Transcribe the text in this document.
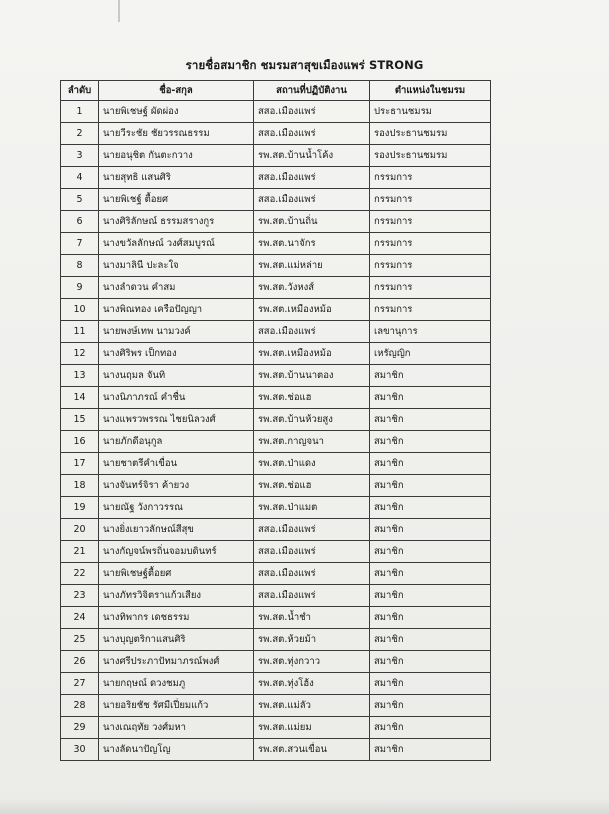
รายชื่อสมาชิก ชมรมสาสุขเมืองแพร่ STRONG
ลำดับ	ชื่อ-สกุล	สถานที่ปฏิบัติงาน	ตำแหน่งในชมรม
1	นายพิเชษฐ์ ผัดผ่อง	สสอ.เมืองแพร่	ประธานชมรม
2	นายวีระชัย ชัยวรรณธรรม	สสอ.เมืองแพร่	รองประธานชมรม
3	นายอนุชิต กันตะกวาง	รพ.สต.บ้านน้ำโค้ง	รองประธานชมรม
4	นายสุทธิ แสนศิริ	สสอ.เมืองแพร่	กรรมการ
5	นายพิเชฐ์ ตื้อยศ	สสอ.เมืองแพร่	กรรมการ
6	นางศิริลักษณ์ ธรรมสรางกูร	รพ.สต.บ้านถิ่น	กรรมการ
7	นางขวัลลักษณ์ วงศ์สมบูรณ์	รพ.สต.นาจักร	กรรมการ
8	นางมาลินี ปะละใจ	รพ.สต.แม่หล่าย	กรรมการ
9	นางลำดวน คำสม	รพ.สต.วังหงส์	กรรมการ
10	นางพิณทอง เครือปัญญา	รพ.สต.เหมืองหม้อ	กรรมการ
11	นายพงษ์เทพ นามวงค์	สสอ.เมืองแพร่	เลขานุการ
12	นางศิริพร เป็กทอง	รพ.สต.เหมืองหม้อ	เหรัญญิก
13	นางนฤมล จันทิ	รพ.สต.บ้านนาตอง	สมาชิก
14	นางนิภาภรณ์ คำชื่น	รพ.สต.ช่อแฮ	สมาชิก
15	นางแพรวพรรณ ไชยนิลวงศ์	รพ.สต.บ้านห้วยสูง	สมาชิก
16	นายภักดีอนุกูล	รพ.สต.กาญจนา	สมาชิก
17	นายชาตรีคำเขื่อน	รพ.สต.ป่าแดง	สมาชิก
18	นางจันทร์จิรา ค้ายวง	รพ.สต.ช่อแฮ	สมาชิก
19	นายณัฐ วังกาวรรณ	รพ.สต.ป่าแมต	สมาชิก
20	นางยิ่งเยาวลักษณ์สีสุข	สสอ.เมืองแพร่	สมาชิก
21	นางกัญจน์พรถิ่นจอมบดินทร์	สสอ.เมืองแพร่	สมาชิก
22	นายพิเชษฐ์ตื้อยศ	สสอ.เมืองแพร่	สมาชิก
23	นางภัทรวิจิตราแก้วเสียง	สสอ.เมืองแพร่	สมาชิก
24	นางทิพากร เดชธรรม	รพ.สต.น้ำชำ	สมาชิก
25	นางบุญตริกาแสนศิริ	รพ.สต.ห้วยม้า	สมาชิก
26	นางศรีประภาปัทมาภรณ์พงศ์	รพ.สต.ทุ่งกวาว	สมาชิก
27	นายกฤษณ์ ดวงชมภู	รพ.สต.ทุ่งโฮ้ง	สมาชิก
28	นายอริยชัช รัศมีเปี่ยมแก้ว	รพ.สต.แม่ลัว	สมาชิก
29	นางเณฤทัย วงศ์มหา	รพ.สต.แม่ยม	สมาชิก
30	นางลัดนาปัญโญ	รพ.สต.สวนเขื่อน	สมาชิก
